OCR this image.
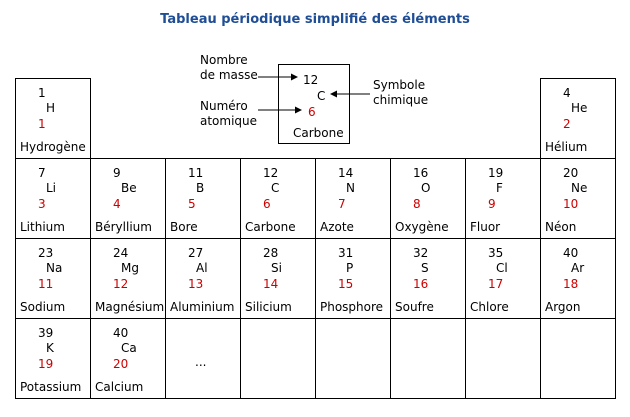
Tableau périodique simplifié des éléments
Nombre
de masse
Numéro
atomique
Symbole
chimique
12
C
6
Carbone
1
H
1
Hydrogène
4
He
2
Hélium
7
Li
3
Lithium
9
Be
4
Béryllium
11
B
5
Bore
12
C
6
Carbone
14
N
7
Azote
16
O
8
Oxygène
19
F
9
Fluor
20
Ne
10
Néon
23
Na
11
Sodium
24
Mg
12
Magnésium
27
Al
13
Aluminium
28
Si
14
Silicium
31
P
15
Phosphore
32
S
16
Soufre
35
Cl
17
Chlore
40
Ar
18
Argon
39
K
19
Potassium
40
Ca
20
Calcium
...
